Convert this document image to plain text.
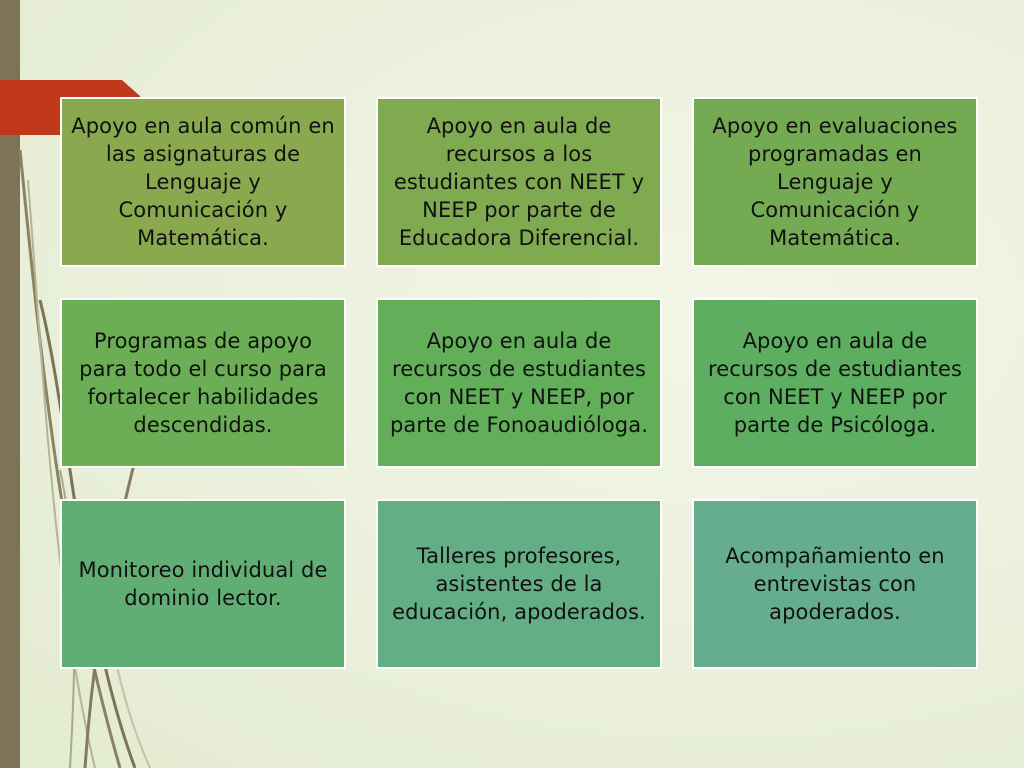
Apoyo en aula común en las asignaturas de Lenguaje y Comunicación y Matemática.
Apoyo en aula de recursos a los estudiantes con NEET y NEEP por parte de Educadora Diferencial.
Apoyo en evaluaciones programadas en Lenguaje y Comunicación y Matemática.
Programas de apoyo para todo el curso para fortalecer habilidades descendidas.
Apoyo en aula de recursos de estudiantes con NEET y NEEP, por parte de Fonoaudióloga.
Apoyo en aula de recursos de estudiantes con NEET y NEEP por parte de Psicóloga.
Monitoreo individual de dominio lector.
Talleres profesores, asistentes de la educación, apoderados.
Acompañamiento en entrevistas con apoderados.
